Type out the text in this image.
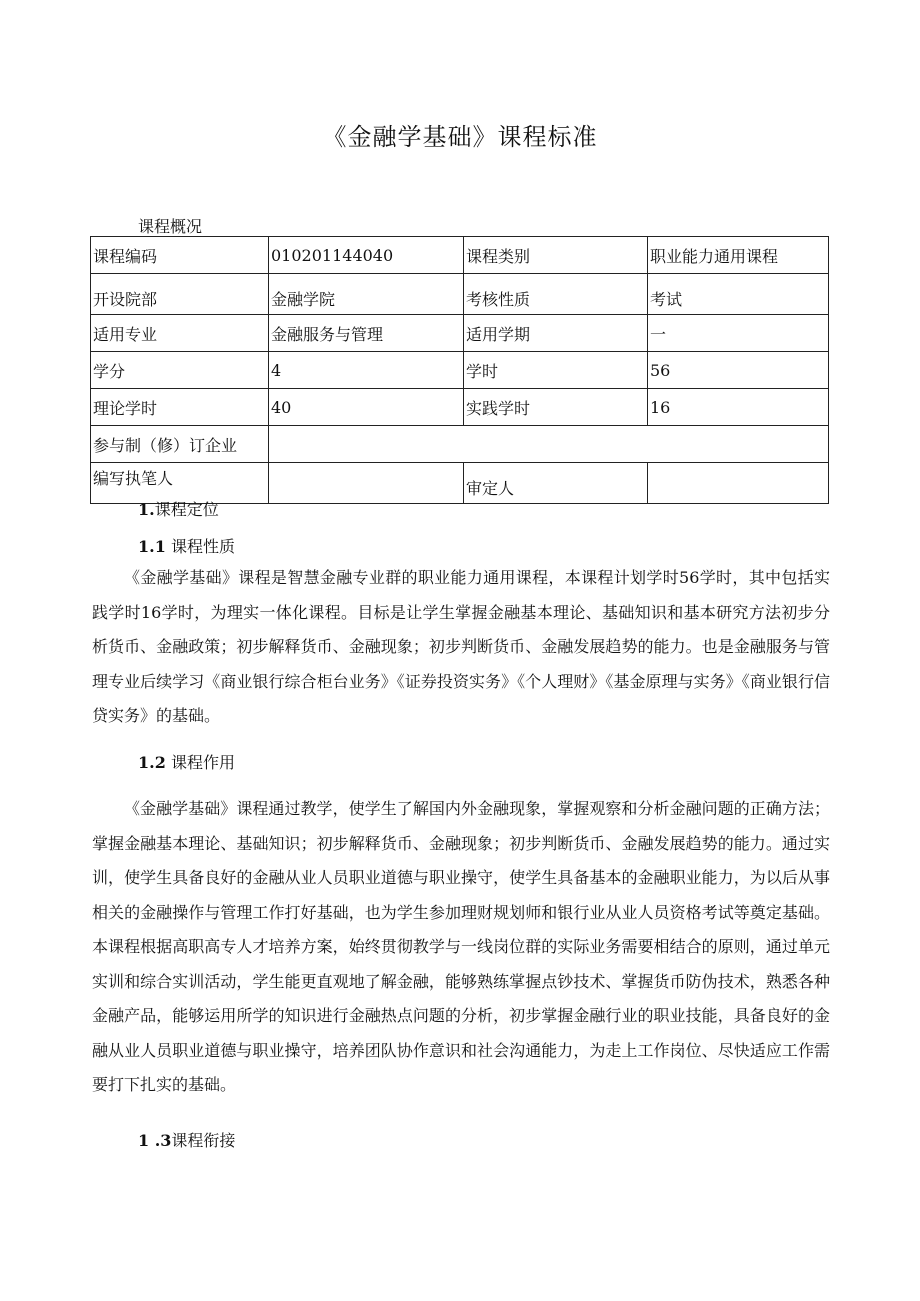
《金融学基础》课程标准
课程概况
课程编码	010201144040	课程类别	职业能力通用课程
开设院部	金融学院	考核性质	考试
适用专业	金融服务与管理	适用学期	一
学分	4	学时	56
理论学时	40	实践学时	16
参与制（修）订企业			
编写执笔人		审定人	
1.课程定位
1.1 课程性质
《金融学基础》课程是智慧金融专业群的职业能力通用课程，本课程计划学时56学时，其中包括实践学时16学时，为理实一体化课程。目标是让学生掌握金融基本理论、基础知识和基本研究方法初步分析货币、金融政策；初步解释货币、金融现象；初步判断货币、金融发展趋势的能力。也是金融服务与管理专业后续学习《商业银行综合柜台业务》《证券投资实务》《个人理财》《基金原理与实务》《商业银行信贷实务》的基础。
1.2 课程作用
《金融学基础》课程通过教学，使学生了解国内外金融现象，掌握观察和分析金融问题的正确方法；掌握金融基本理论、基础知识；初步解释货币、金融现象；初步判断货币、金融发展趋势的能力。通过实训，使学生具备良好的金融从业人员职业道德与职业操守，使学生具备基本的金融职业能力，为以后从事相关的金融操作与管理工作打好基础，也为学生参加理财规划师和银行业从业人员资格考试等奠定基础。本课程根据高职高专人才培养方案，始终贯彻教学与一线岗位群的实际业务需要相结合的原则，通过单元实训和综合实训活动，学生能更直观地了解金融，能够熟练掌握点钞技术、掌握货币防伪技术，熟悉各种金融产品，能够运用所学的知识进行金融热点问题的分析，初步掌握金融行业的职业技能，具备良好的金融从业人员职业道德与职业操守，培养团队协作意识和社会沟通能力，为走上工作岗位、尽快适应工作需要打下扎实的基础。
1 .3课程衔接
